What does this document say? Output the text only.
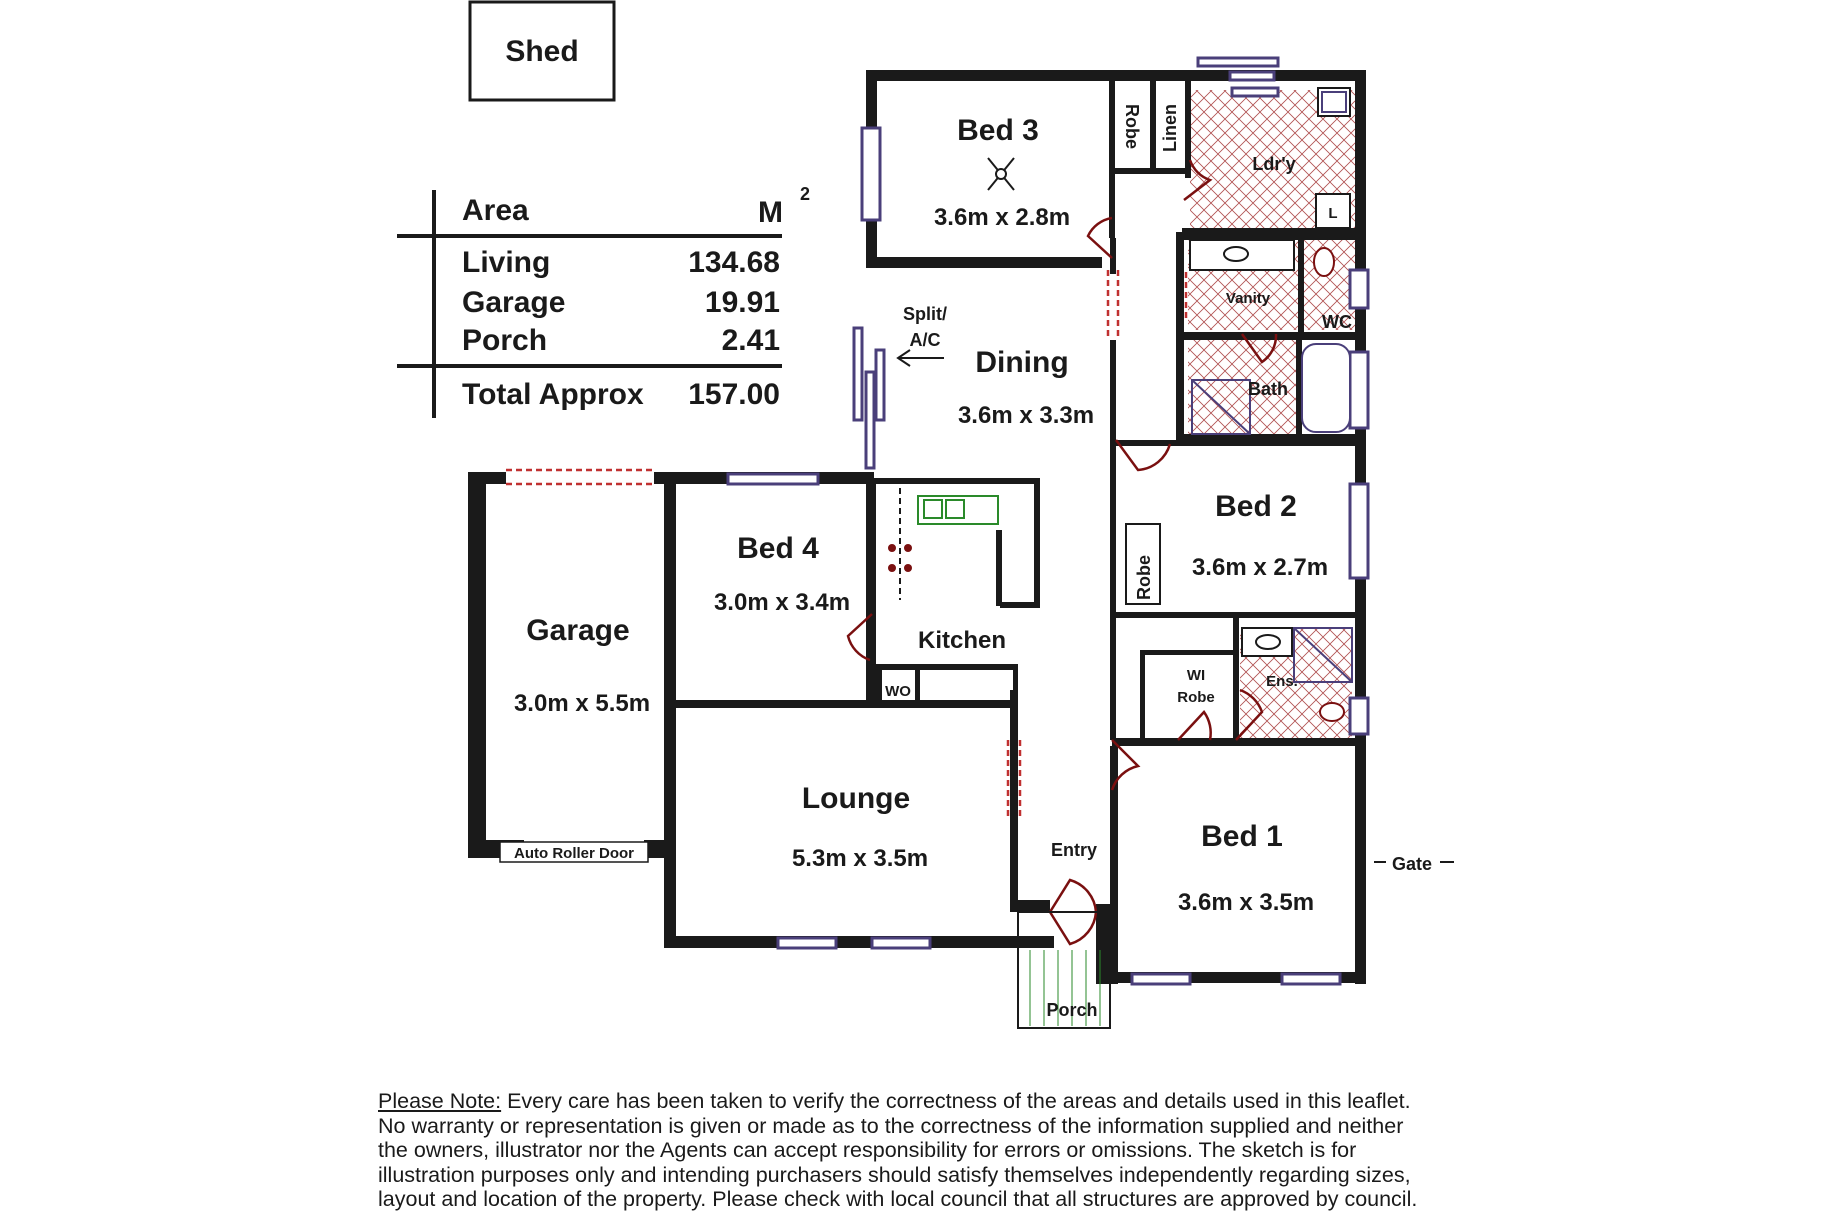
Shed
Area	M
2
Living	134.68
Garage	19.91
Porch	2.41
Total Approx 157.00
Bed 3
3.6m x 2.8m
Robe Linen
Ldr'y
L
Vanity
WC
Bath
Split/
A/C
Dining
3.6m x 3.3m
Bed 2
3.6m x 2.7m
Robe
Bed 4
3.0m x 3.4m
Kitchen
WO
Garage
3.0m x 5.5m
Auto Roller Door
WI
Robe
Ens.
Lounge
5.3m x 3.5m	Entry	Bed 1
3.6m x 3.5m
Gate
Porch

Please Note: Every care has been taken to verify the correctness of the areas and details used in this leaflet.

No warranty or representation is given or made as to the correctness of the information supplied and neither

the owners, illustrator nor the Agents can accept responsibility for errors or omissions. The sketch is for

illustration purposes only and intending purchasers should satisfy themselves independently regarding sizes,

layout and location of the property. Please check with local council that all structures are approved by council.
